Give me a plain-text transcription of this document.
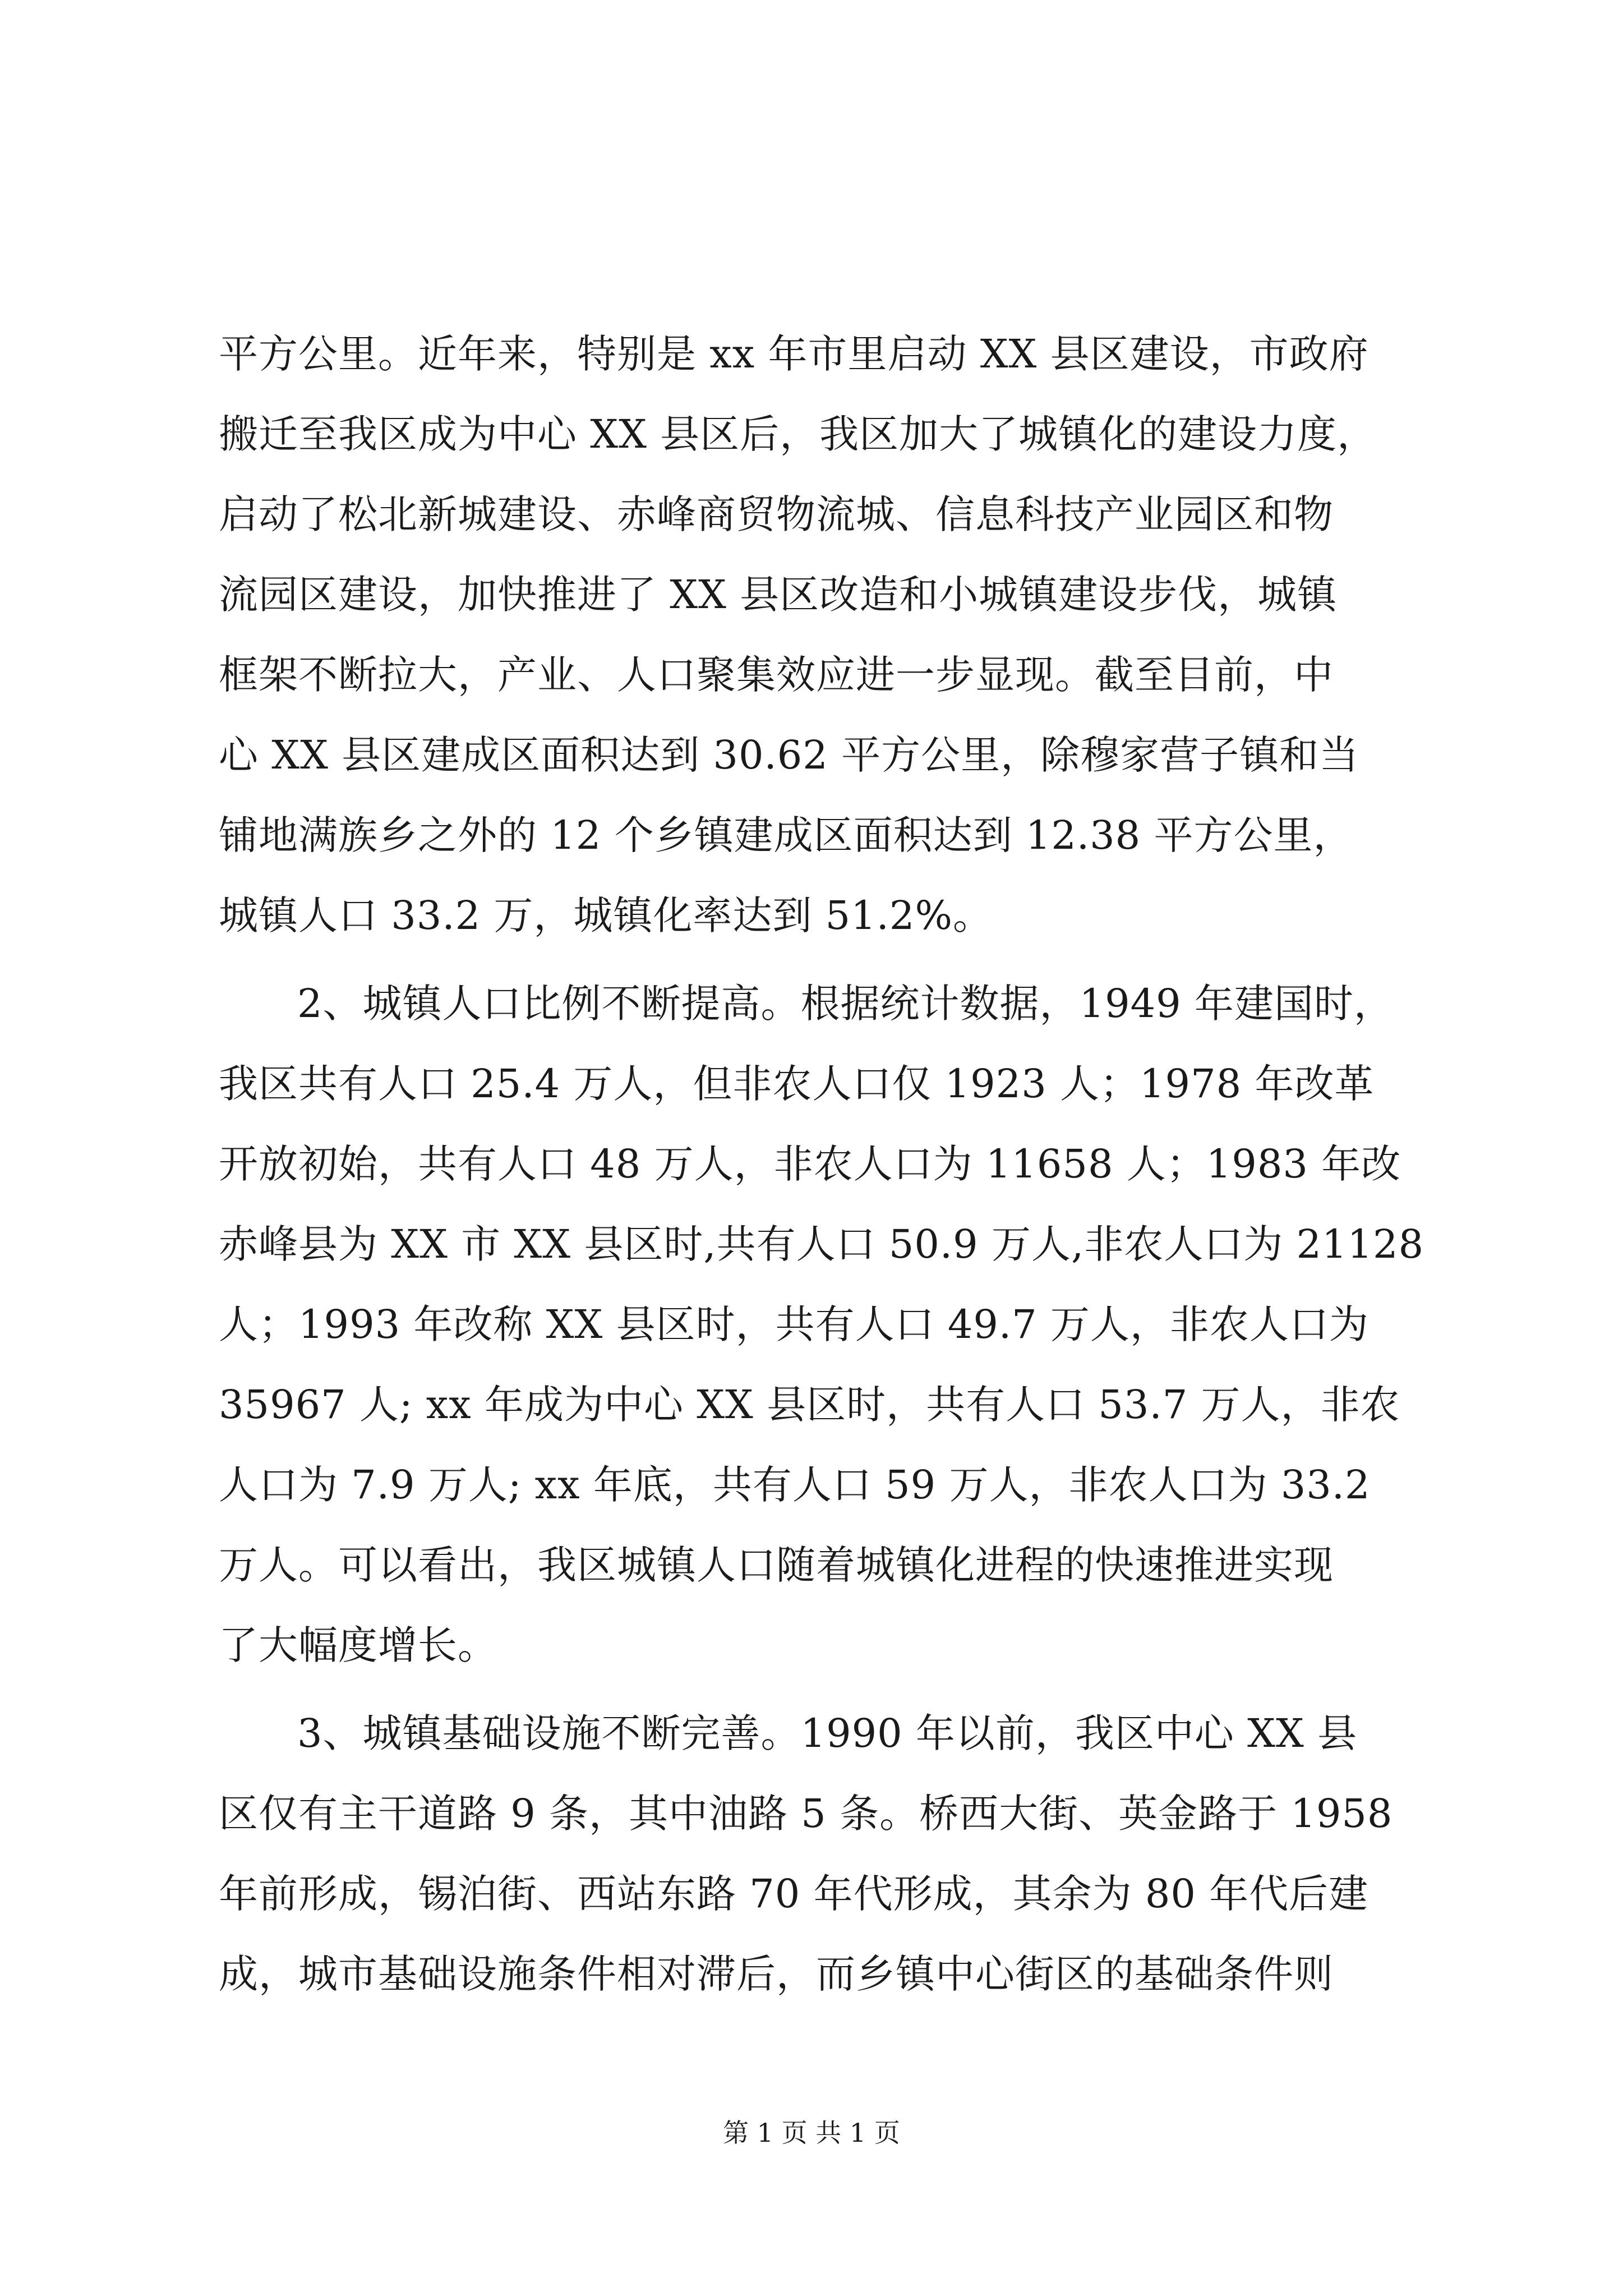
平方公里。近年来，特别是 xx 年市里启动 XX 县区建设，市政府
搬迁至我区成为中心 XX 县区后，我区加大了城镇化的建设力度，
启动了松北新城建设、赤峰商贸物流城、信息科技产业园区和物
流园区建设，加快推进了 XX 县区改造和小城镇建设步伐，城镇
框架不断拉大，产业、人口聚集效应进一步显现。截至目前，中
心 XX 县区建成区面积达到 30.62 平方公里，除穆家营子镇和当
铺地满族乡之外的 12 个乡镇建成区面积达到 12.38 平方公里，
城镇人口 33.2 万，城镇化率达到 51.2%。
2、城镇人口比例不断提高。根据统计数据，1949 年建国时，
我区共有人口 25.4 万人，但非农人口仅 1923 人；1978 年改革
开放初始，共有人口 48 万人，非农人口为 11658 人；1983 年改
赤峰县为 XX 市 XX 县区时,共有人口 50.9 万人,非农人口为 21128
人；1993 年改称 XX 县区时，共有人口 49.7 万人，非农人口为
35967 人; xx 年成为中心 XX 县区时，共有人口 53.7 万人，非农
人口为 7.9 万人; xx 年底，共有人口 59 万人，非农人口为 33.2
万人。可以看出，我区城镇人口随着城镇化进程的快速推进实现
了大幅度增长。
3、城镇基础设施不断完善。1990 年以前，我区中心 XX 县
区仅有主干道路 9 条，其中油路 5 条。桥西大街、英金路于 1958
年前形成，锡泊街、西站东路 70 年代形成，其余为 80 年代后建
成，城市基础设施条件相对滞后，而乡镇中心街区的基础条件则
第 1 页 共 1 页
